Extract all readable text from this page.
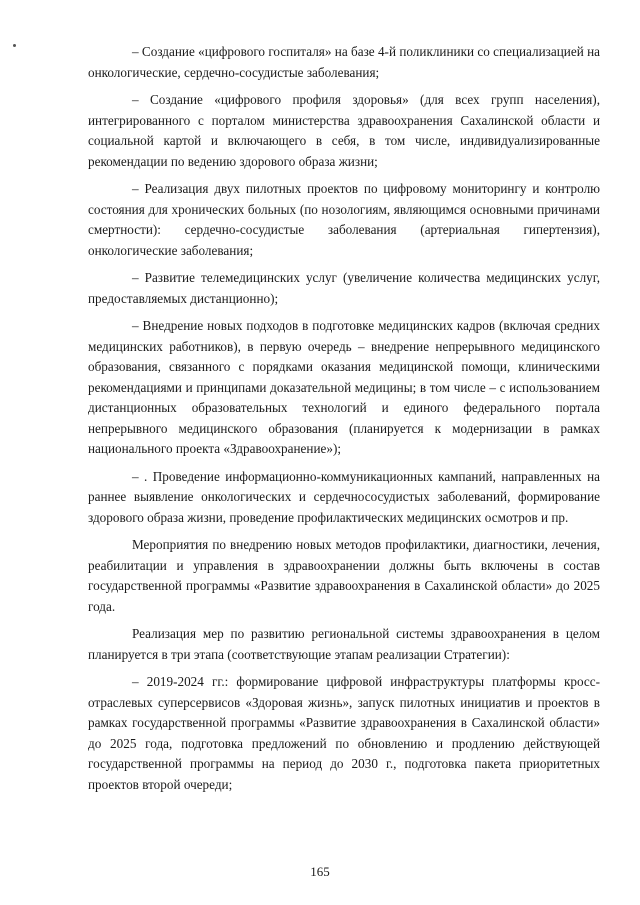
– Создание «цифрового госпиталя» на базе 4-й поликлиники со специализацией на онкологические, сердечно-сосудистые заболевания;

– Создание «цифрового профиля здоровья» (для всех групп населения), интегрированного с порталом министерства здравоохранения Сахалинской области и социальной картой и включающего в себя, в том числе, индивидуализированные рекомендации по ведению здорового образа жизни;

– Реализация двух пилотных проектов по цифровому мониторингу и контролю состояния для хронических больных (по нозологиям, являющимся основными причинами смертности): сердечно-сосудистые заболевания (артериальная гипертензия), онкологические заболевания;

– Развитие телемедицинских услуг (увеличение количества медицинских услуг, предоставляемых дистанционно);

– Внедрение новых подходов в подготовке медицинских кадров (включая средних медицинских работников), в первую очередь – внедрение непрерывного медицинского образования, связанного с порядками оказания медицинской помощи, клиническими рекомендациями и принципами доказательной медицины; в том числе – с использованием дистанционных образовательных технологий и единого федерального портала непрерывного медицинского образования (планируется к модернизации в рамках национального проекта «Здравоохранение»);

– . Проведение информационно-коммуникационных кампаний, направленных на раннее выявление онкологических и сердечнососудистых заболеваний, формирование здорового образа жизни, проведение профилактических медицинских осмотров и пр.

Мероприятия по внедрению новых методов профилактики, диагностики, лечения, реабилитации и управления в здравоохранении должны быть включены в состав государственной программы «Развитие здравоохранения в Сахалинской области» до 2025 года.

Реализация мер по развитию региональной системы здравоохранения в целом планируется в три этапа (соответствующие этапам реализации Стратегии):

– 2019-2024 гг.: формирование цифровой инфраструктуры платформы кросс-отраслевых суперсервисов «Здоровая жизнь», запуск пилотных инициатив и проектов в рамках государственной программы «Развитие здравоохранения в Сахалинской области» до 2025 года, подготовка предложений по обновлению и продлению действующей государственной программы на период до 2030 г., подготовка пакета приоритетных проектов второй очереди;

165
